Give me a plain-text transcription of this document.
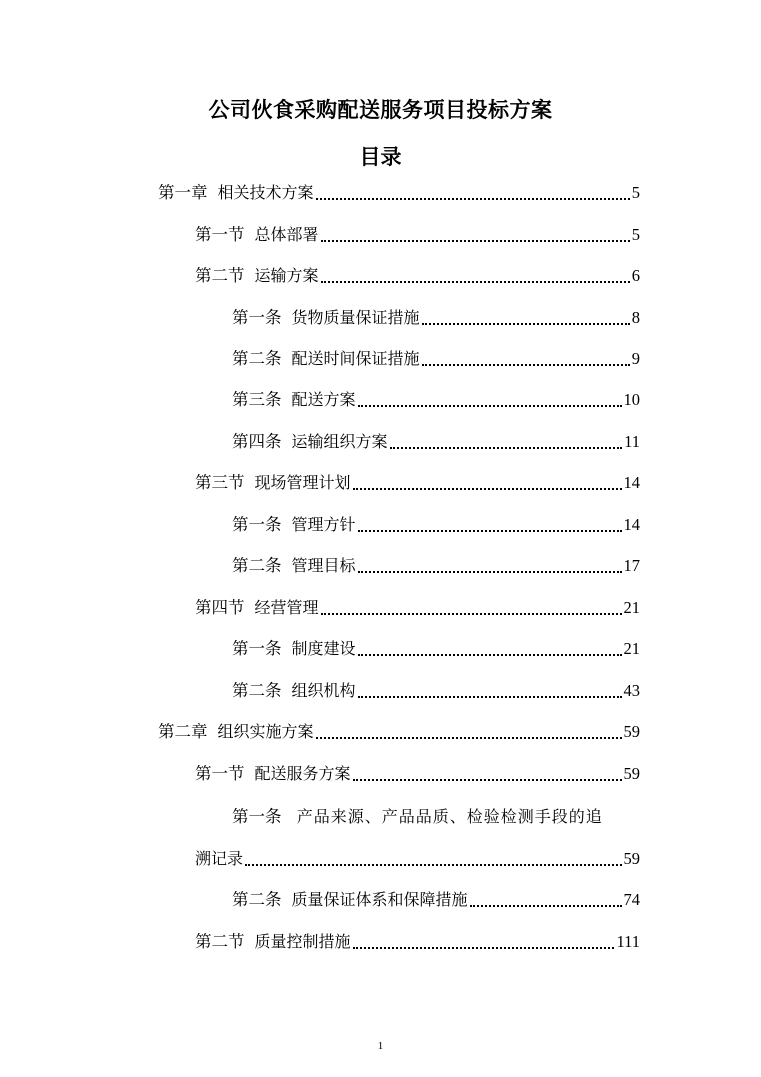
公司伙食采购配送服务项目投标方案
目录
第一章 相关技术方案	5
第一节 总体部署	5
第二节 运输方案	6
第一条 货物质量保证措施	8
第二条 配送时间保证措施	9
第三条 配送方案	10
第四条 运输组织方案	11
第三节 现场管理计划	14
第一条 管理方针	14
第二条 管理目标	17
第四节 经营管理	21
第一条 制度建设	21
第二条 组织机构	43
第二章 组织实施方案	59
第一节 配送服务方案	59
第一条 产品来源、产品品质、检验检测手段的追
溯记录	59
第二条 质量保证体系和保障措施	74
第二节 质量控制措施	111
1
